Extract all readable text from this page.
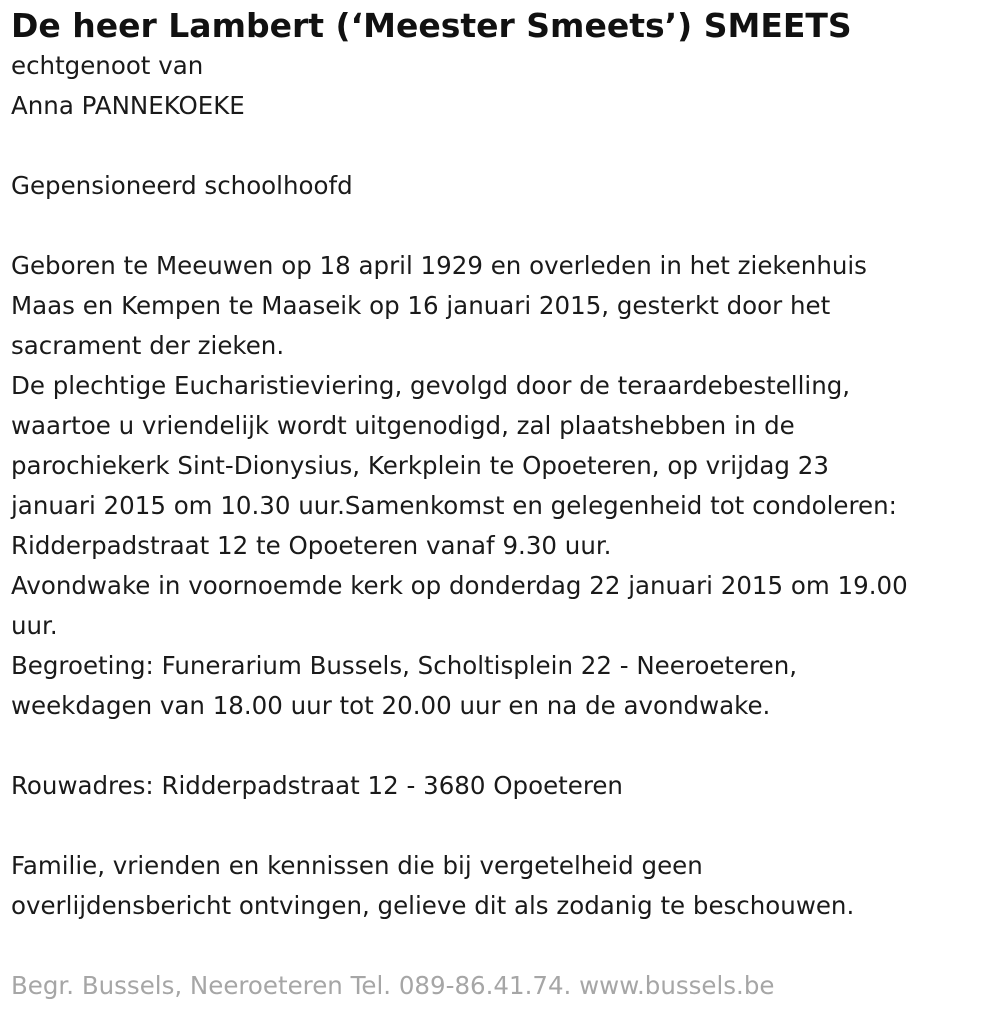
De heer Lambert (‘Meester Smeets’) SMEETS
echtgenoot van
Anna PANNEKOEKE
Gepensioneerd schoolhoofd
Geboren te Meeuwen op 18 april 1929 en overleden in het ziekenhuis
Maas en Kempen te Maaseik op 16 januari 2015, gesterkt door het
sacrament der zieken.
De plechtige Eucharistieviering, gevolgd door de teraardebestelling,
waartoe u vriendelijk wordt uitgenodigd, zal plaatshebben in de
parochiekerk Sint-Dionysius, Kerkplein te Opoeteren, op vrijdag 23
januari 2015 om 10.30 uur.Samenkomst en gelegenheid tot condoleren:
Ridderpadstraat 12 te Opoeteren vanaf 9.30 uur.
Avondwake in voornoemde kerk op donderdag 22 januari 2015 om 19.00
uur.
Begroeting: Funerarium Bussels, Scholtisplein 22 - Neeroeteren,
weekdagen van 18.00 uur tot 20.00 uur en na de avondwake.
Rouwadres: Ridderpadstraat 12 - 3680 Opoeteren
Familie, vrienden en kennissen die bij vergetelheid geen
overlijdensbericht ontvingen, gelieve dit als zodanig te beschouwen.
Begr. Bussels, Neeroeteren Tel. 089-86.41.74. www.bussels.be
